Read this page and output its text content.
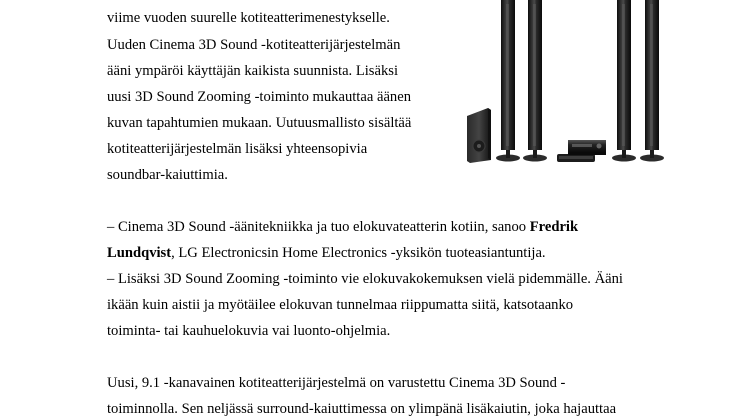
viime vuoden suurelle kotiteatterimenestykselle.
Uuden Cinema 3D Sound -kotiteatterijärjestelmän
ääni ympäröi käyttäjän kaikista suunnista. Lisäksi
uusi 3D Sound Zooming -toiminto mukauttaa äänen
kuvan tapahtumien mukaan. Uutuusmallisto sisältää
kotiteatterijärjestelmän lisäksi yhteensopivia
soundbar-kaiuttimia.
– Cinema 3D Sound -äänitekniikka ja tuo elokuvateatterin kotiin, sanoo Fredrik
Lundqvist, LG Electronicsin Home Electronics -yksikön tuoteasiantuntija.
– Lisäksi 3D Sound Zooming -toiminto vie elokuvakokemuksen vielä pidemmälle. Ääni
ikään kuin aistii ja myötäilee elokuvan tunnelmaa riippumatta siitä, katsotaanko
toiminta- tai kauhuelokuvia vai luonto-ohjelmia.
Uusi, 9.1 -kanavainen kotiteatterijärjestelmä on varustettu Cinema 3D Sound -
toiminnolla. Sen neljässä surround-kaiuttimessa on ylimpänä lisäkaiutin, joka hajauttaa
